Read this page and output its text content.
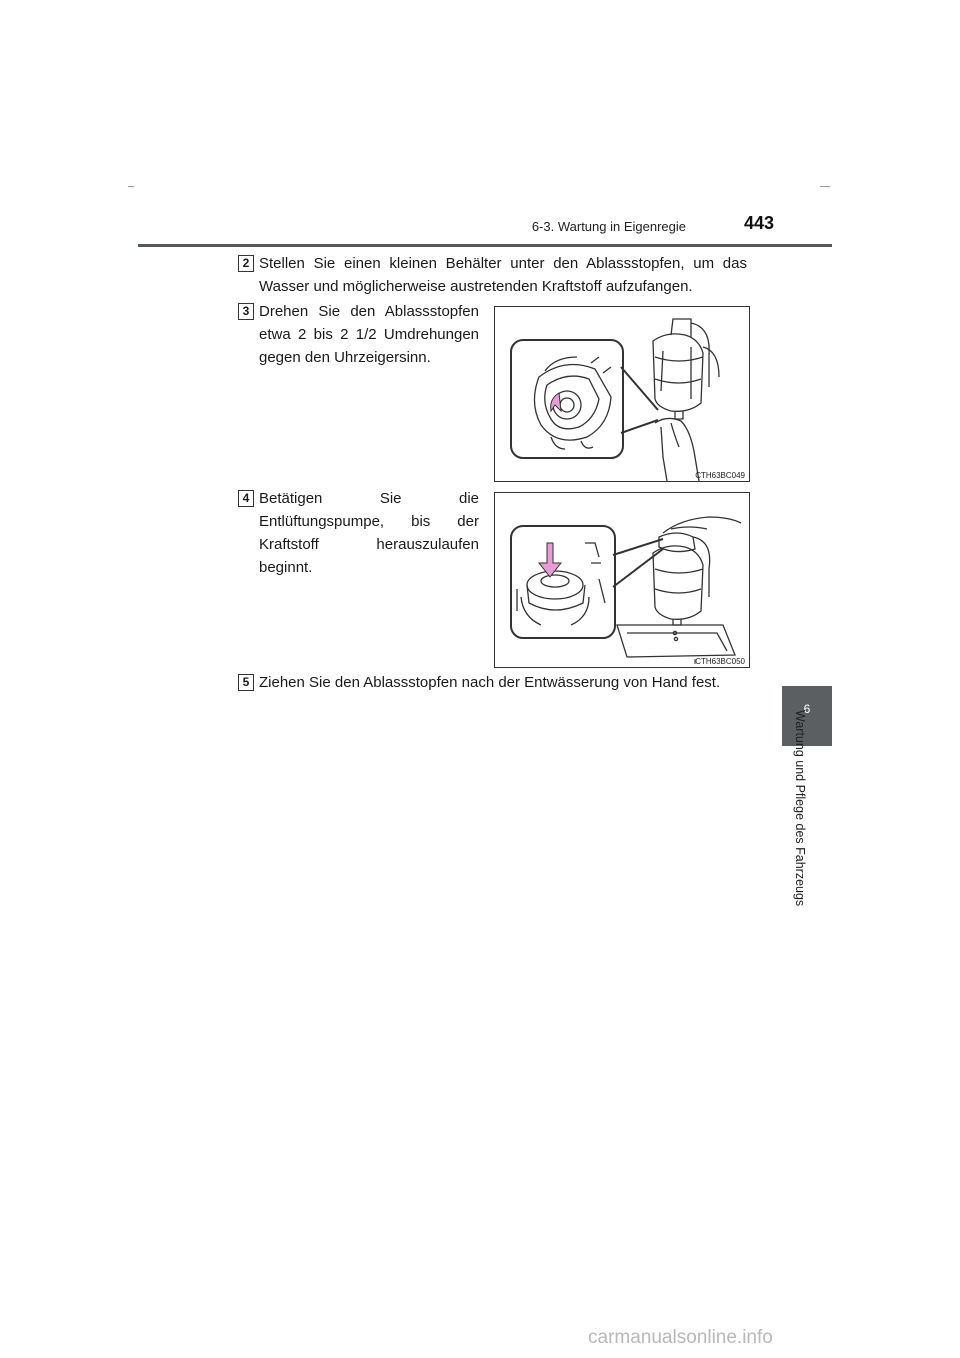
6-3. Wartung in Eigenregie	443
6
Wartung und Pflege des Fahrzeugs
2 Stellen Sie einen kleinen Behälter unter den Ablassstopfen, um das Wasser und möglicherweise austretenden Kraftstoff aufzufangen.
3 Drehen Sie den Ablassstopfen etwa 2 bis 2 1/2 Umdrehungen gegen den Uhrzeigersinn.
CTH63BC049
4 Betätigen Sie die Entlüftungspumpe, bis der Kraftstoff herauszulaufen beginnt.
CTH63BC050
5 Ziehen Sie den Ablassstopfen nach der Entwässerung von Hand fest.
carmanualsonline.info
